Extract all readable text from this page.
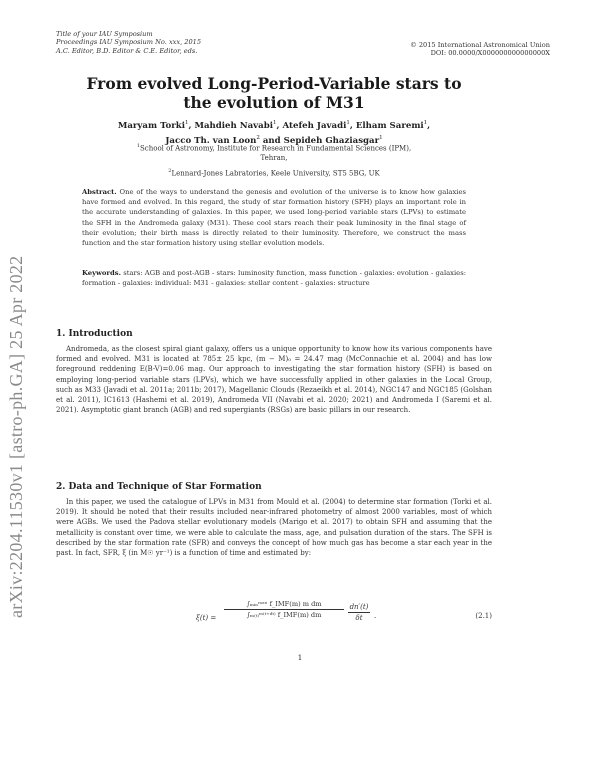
Title of your IAU Symposium
Proceedings IAU Symposium No. xxx, 2015
A.C. Editor, B.D. Editor & C.E. Editor, eds.
© 2015 International Astronomical Union
DOI: 00.0000/X000000000000000X
arXiv:2204.11530v1 [astro-ph.GA] 25 Apr 2022
From evolved Long-Period-Variable stars to
the evolution of M31
Maryam Torki$^1$, Mahdieh Navabi$^1$, Atefeh Javadi$^1$, Elham Saremi$^1$,
Jacco Th. van Loon$^2$ and Sepideh Ghaziasgar$^1$
$^1$School of Astronomy, Institute for Research in Fundamental Sciences (IPM),
Tehran,
$^2$Lennard-Jones Labratories, Keele University, ST5 5BG, UK
Abstract. One of the ways to understand the genesis and evolution of the universe is to know how galaxies have formed and evolved. In this regard, the study of star formation history (SFH) plays an important role in the accurate understanding of galaxies. In this paper, we used long-period variable stars (LPVs) to estimate the SFH in the Andromeda galaxy (M31). These cool stars reach their peak luminosity in the final stage of their evolution; their birth mass is directly related to their luminosity. Therefore, we construct the mass function and the star formation history using stellar evolution models.
Keywords. stars: AGB and post-AGB - stars: luminosity function, mass function - galaxies: evolution - galaxies: formation - galaxies: individual: M31 - galaxies: stellar content - galaxies: structure
1. Introduction
Andromeda, as the closest spiral giant galaxy, offers us a unique opportunity to know how its various components have formed and evolved. M31 is located at 785± 25 kpc, (m − M)₀ = 24.47 mag (McConnachie et al. 2004) and has low foreground reddening E(B-V)=0.06 mag. Our approach to investigating the star formation history (SFH) is based on employing long-period variable stars (LPVs), which we have successfully applied in other galaxies in the Local Group, such as M33 (Javadi et al. 2011a; 2011b; 2017), Magellanic Clouds (Rezaeikh et al. 2014), NGC147 and NGC185 (Golshan et al. 2011), IC1613 (Hashemi et al. 2019), Andromeda VII (Navabi et al. 2020; 2021) and Andromeda I (Saremi et al. 2021). Asymptotic giant branch (AGB) and red supergiants (RSGs) are basic pillars in our research.
2. Data and Technique of Star Formation
In this paper, we used the catalogue of LPVs in M31 from Mould et al. (2004) to determine star formation (Torki et al. 2019). It should be noted that their results included near-infrared photometry of almost 2000 variables, most of which were AGBs. We used the Padova stellar evolutionary models (Marigo et al. 2017) to obtain SFH and assuming that the metallicity is constant over time, we were able to calculate the mass, age, and pulsation duration of the stars. The SFH is described by the star formation rate (SFR) and conveys the concept of how much gas has become a star each year in the past. In fact, SFR, ξ (in M☉ yr⁻¹) is a function of time and estimated by:
ξ(t) =
∫ₘᵢₙᵐᵃˣ f_IMF(m) m dm
∫ₘ₍ₜ₎ᵐ⁽ᵗ⁺ᵈᵗ⁾ f_IMF(m) dm
dn′(t)
δt	.	(2.1)
1
